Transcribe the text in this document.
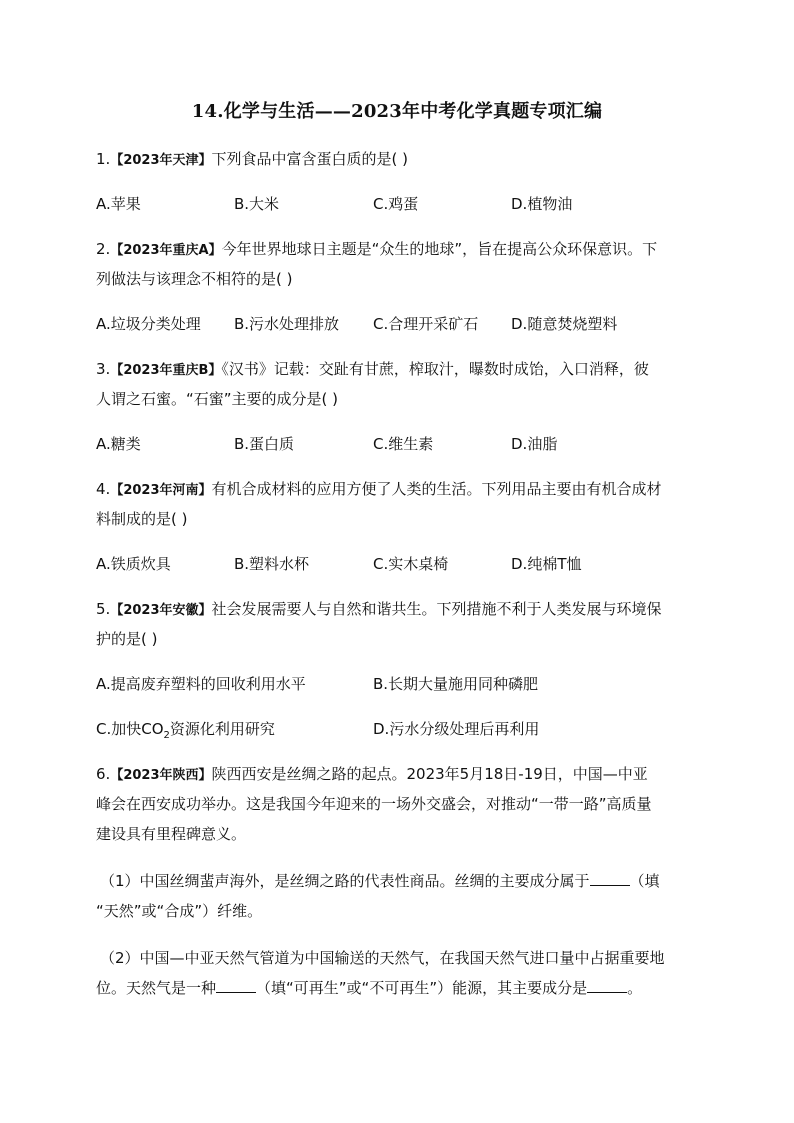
14.化学与生活——2023年中考化学真题专项汇编
1.【2023年天津】下列食品中富含蛋白质的是( )
A.苹果	B.大米	C.鸡蛋	D.植物油
2.【2023年重庆A】今年世界地球日主题是“众生的地球”，旨在提高公众环保意识。下
列做法与该理念不相符的是( )
A.垃圾分类处理 B.污水处理排放 C.合理开采矿石 D.随意焚烧塑料
3.【2023年重庆B】《汉书》记载：交趾有甘蔗，榨取汁，曝数时成饴，入口消释，彼
人谓之石蜜。“石蜜”主要的成分是( )
A.糖类	B.蛋白质	C.维生素	D.油脂
4.【2023年河南】有机合成材料的应用方便了人类的生活。下列用品主要由有机合成材
料制成的是( )
A.铁质炊具	B.塑料水杯	C.实木桌椅	D.纯棉T恤
5.【2023年安徽】社会发展需要人与自然和谐共生。下列措施不利于人类发展与环境保
护的是( )
A.提高废弃塑料的回收利用水平	B.长期大量施用同种磷肥
C.加快$CO_2$资源化利用研究	D.污水分级处理后再利用
6.【2023年陕西】陕西西安是丝绸之路的起点。2023年5月18日-19日，中国—中亚
峰会在西安成功举办。这是我国今年迎来的一场外交盛会，对推动“一带一路”高质量
建设具有里程碑意义。
（1）中国丝绸蜚声海外，是丝绸之路的代表性商品。丝绸的主要成分属于	（填
“天然”或“合成”）纤维。
（2）中国—中亚天然气管道为中国输送的天然气，在我国天然气进口量中占据重要地
位。天然气是一种	（填“可再生”或“不可再生”）能源，其主要成分是	。
